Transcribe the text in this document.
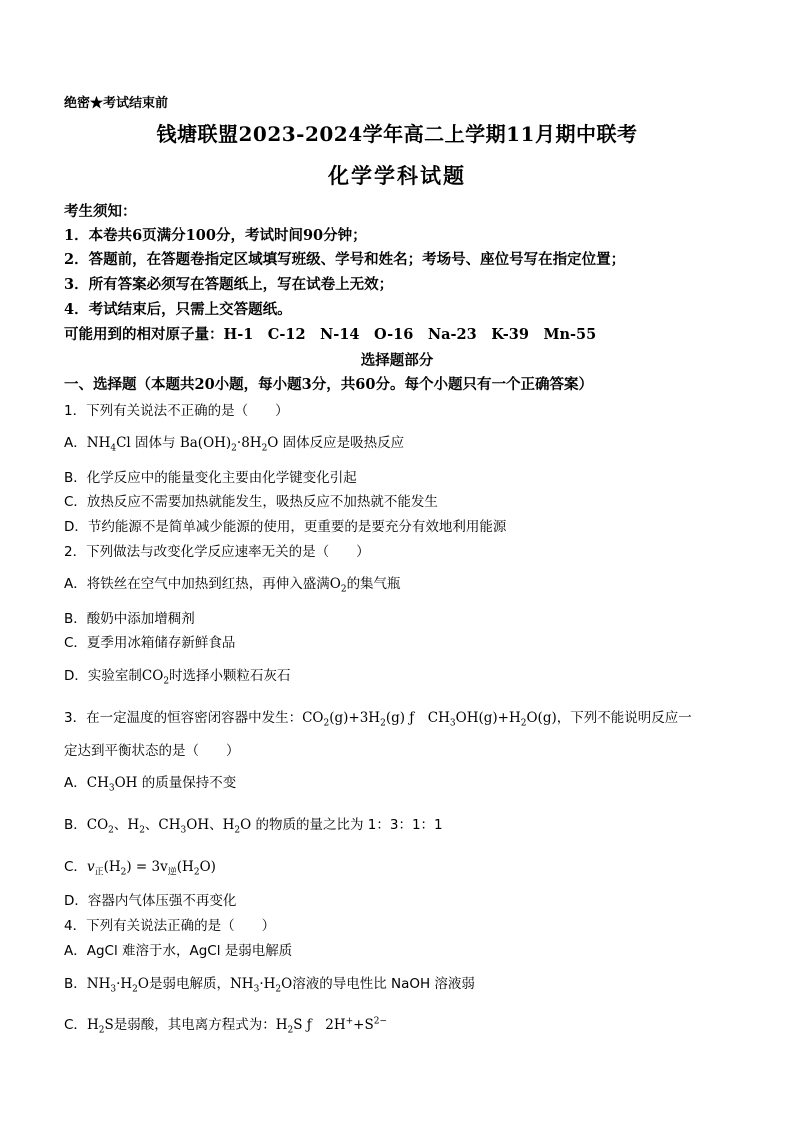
绝密★考试结束前
钱塘联盟2023-2024学年高二上学期11月期中联考
化学学科试题
考生须知：
1．本卷共6页满分100分，考试时间90分钟；
2．答题前，在答题卷指定区域填写班级、学号和姓名；考场号、座位号写在指定位置；
3．所有答案必须写在答题纸上，写在试卷上无效；
4．考试结束后，只需上交答题纸。
可能用到的相对原子量：H-1　C-12　N-14　O-16　Na-23　K-39　Mn-55
选择题部分
一、选择题（本题共20小题，每小题3分，共60分。每个小题只有一个正确答案）
1．下列有关说法不正确的是（　　）
A．$NH_4Cl$ 固体与 $Ba(OH)_2\cdot 8H_2O$ 固体反应是吸热反应
B．化学反应中的能量变化主要由化学键变化引起
C．放热反应不需要加热就能发生，吸热反应不加热就不能发生
D．节约能源不是简单减少能源的使用，更重要的是要充分有效地利用能源
2．下列做法与改变化学反应速率无关的是（　　）
A．将铁丝在空气中加热到红热，再伸入盛满$O_2$的集气瓶
B．酸奶中添加增稠剂
C．夏季用冰箱储存新鲜食品
D．实验室制$CO_2$时选择小颗粒石灰石
3．在一定温度的恒容密闭容器中发生：$CO_2(g)+3H_2(g)$ ƒ　$CH_3OH(g)+H_2O(g)$，下列不能说明反应一
定达到平衡状态的是（　　）
A．$CH_3OH$ 的质量保持不变
B．$CO_2$、$H_2$、$CH_3OH$、$H_2O$ 的物质的量之比为 1：3：1：1
C．$v_正(H_2) = 3v_逆(H_2O)$
D．容器内气体压强不再变化
4．下列有关说法正确的是（　　）
A．AgCl 难溶于水，AgCl 是弱电解质
B．$NH_3\cdot H_2O$是弱电解质，$NH_3\cdot H_2O$溶液的导电性比 NaOH 溶液弱
C．$H_2S$是弱酸，其电离方程式为：$H_2S$ ƒ　$2H^++S^{2-}$
